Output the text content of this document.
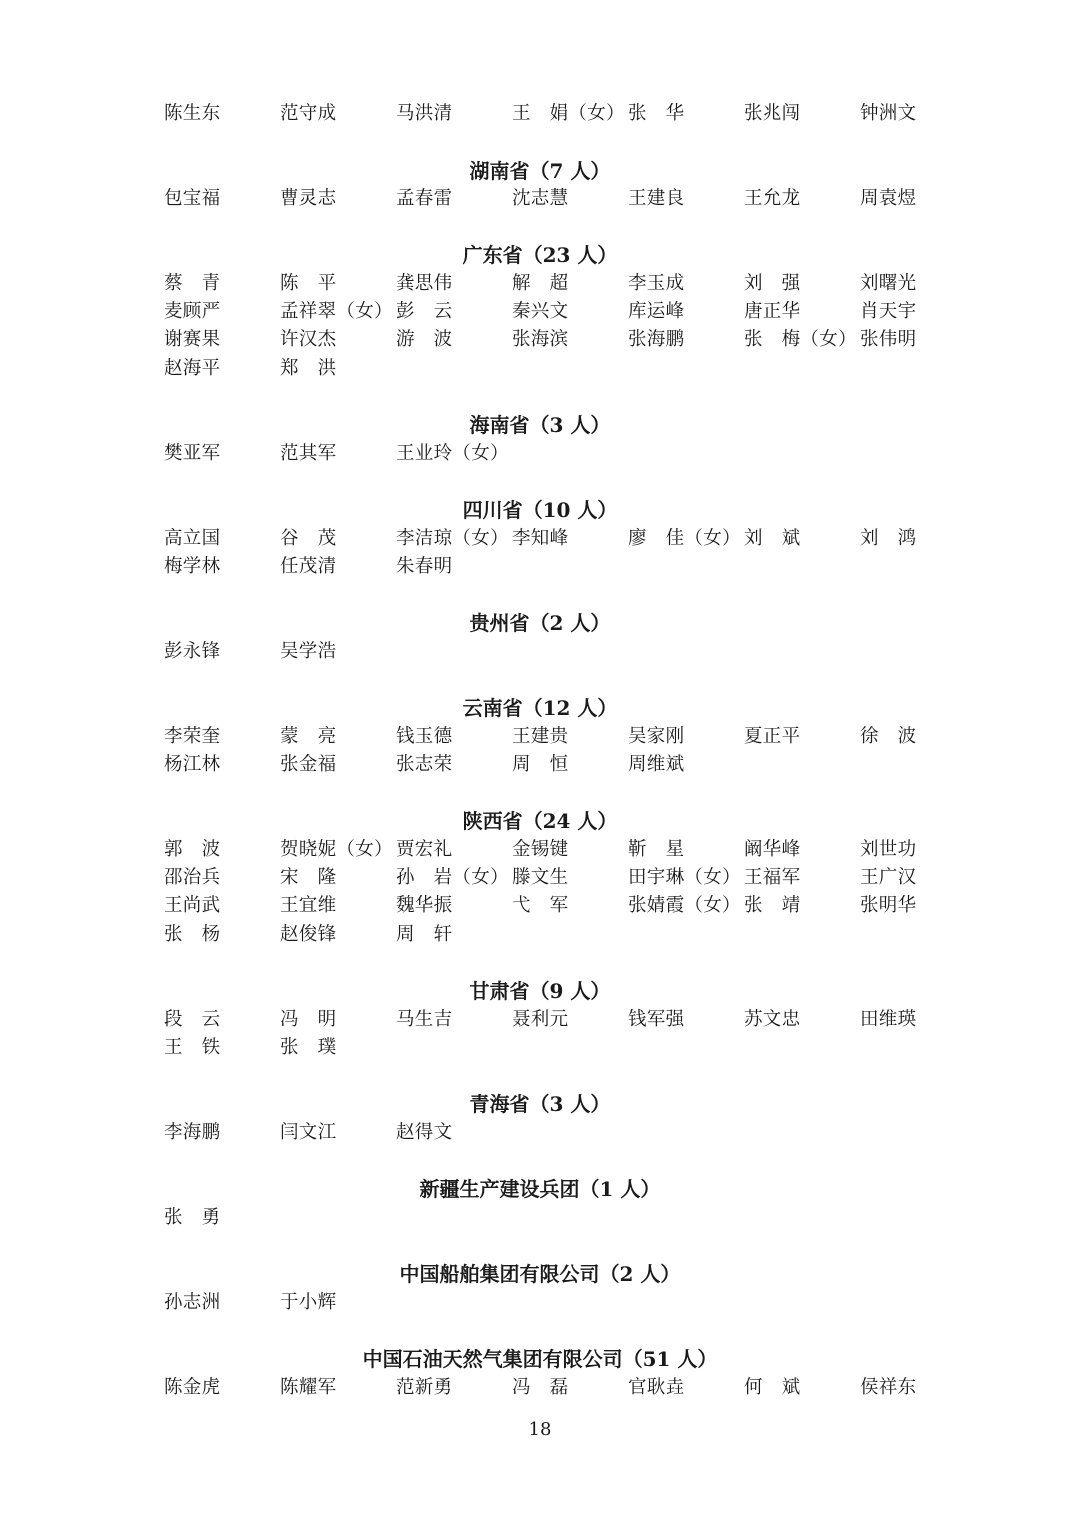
陈生东	范守成	马洪清	王　娟（女） 张　华	张兆闯	钟洲文
湖南省（7 人）
包宝福	曹灵志	孟春雷	沈志慧	王建良	王允龙	周袁煜
广东省（23 人）
蔡　青	陈　平	龚思伟	解　超	李玉成	刘　强	刘曙光
麦顾严	孟祥翠（女） 彭　云	秦兴文	库运峰	唐正华	肖天宇
谢赛果	许汉杰	游　波	张海滨	张海鹏	张　梅（女） 张伟明
赵海平	郑　洪
海南省（3 人）
樊亚军	范其军	王业玲（女）
四川省（10 人）
高立国	谷　茂	李洁琼（女） 李知峰	廖　佳（女） 刘　斌	刘　鸿
梅学林	任茂清	朱春明
贵州省（2 人）
彭永锋	吴学浩
云南省（12 人）
李荣奎	蒙　亮	钱玉德	王建贵	吴家刚	夏正平	徐　波
杨江林	张金福	张志荣	周　恒	周维斌
陕西省（24 人）
郭　波	贺晓妮（女） 贾宏礼	金锡键	靳　星	阚华峰	刘世功
邵治兵	宋　隆	孙　岩（女） 滕文生	田宇琳（女） 王福军	王广汉
王尚武	王宜维	魏华振	弋　军	张婧霞（女） 张　靖	张明华
张　杨	赵俊锋	周　轩
甘肃省（9 人）
段　云	冯　明	马生吉	聂利元	钱军强	苏文忠	田维瑛
王　铁	张　璞
青海省（3 人）
李海鹏	闫文江	赵得文
新疆生产建设兵团（1 人）
张　勇
中国船舶集团有限公司（2 人）
孙志洲	于小辉
中国石油天然气集团有限公司（51 人）
陈金虎	陈耀军	范新勇	冯　磊	官耿垚	何　斌	侯祥东
18
